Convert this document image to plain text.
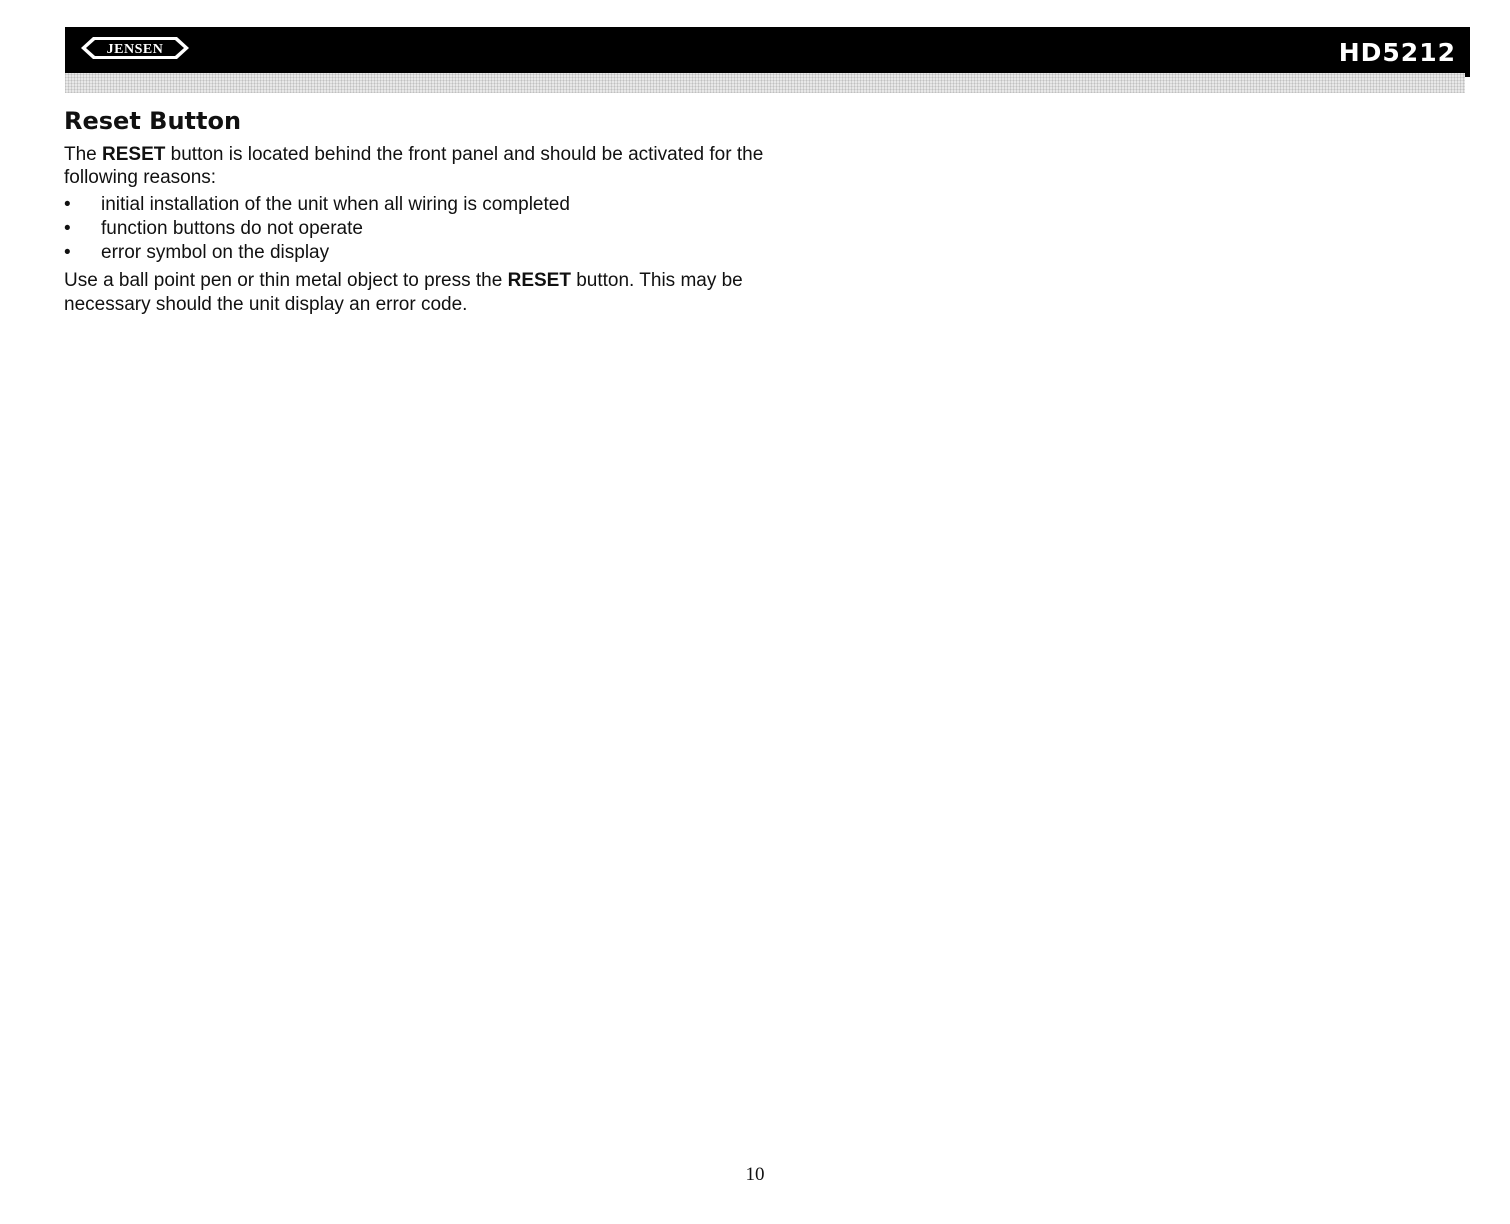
JENSEN	HD5212
Reset Button

The RESET button is located behind the front panel and should be activated for the following reasons:

• initial installation of the unit when all wiring is completed
• function buttons do not operate
• error symbol on the display

Use a ball point pen or thin metal object to press the RESET button. This may be necessary should the unit display an error code.

10
